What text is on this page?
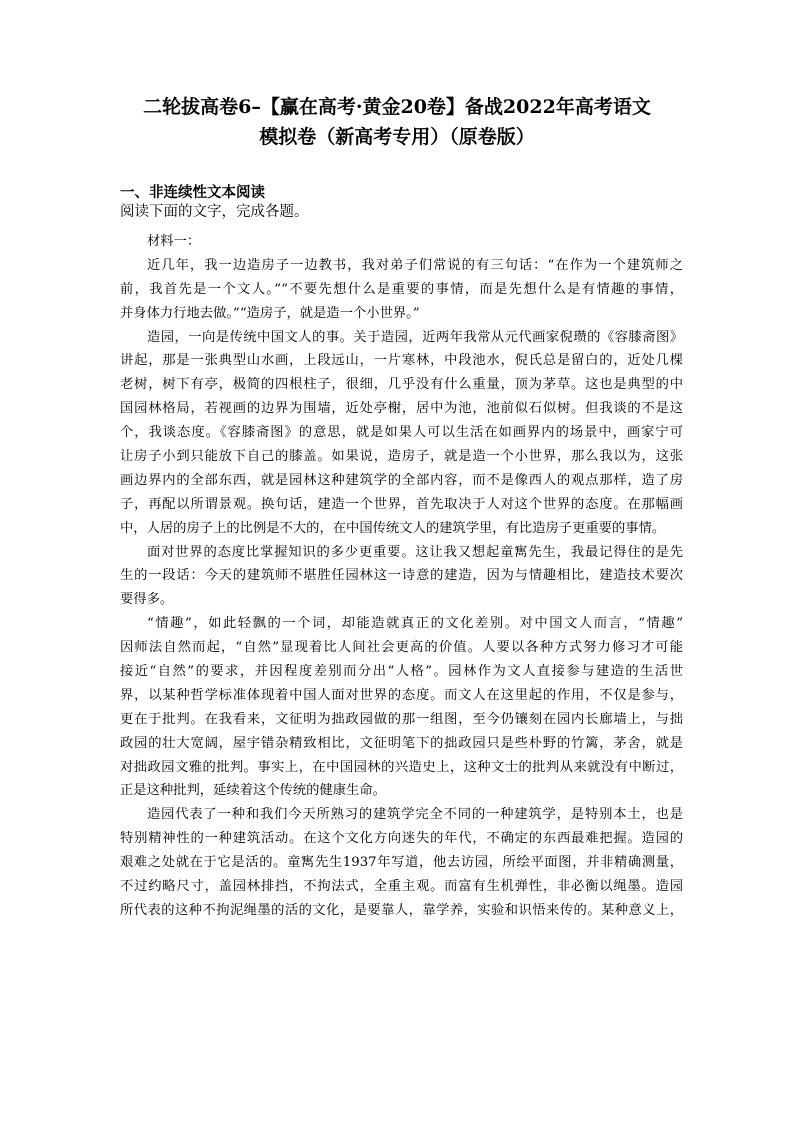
二轮拔高卷6–【赢在高考·黄金20卷】备战2022年高考语文
模拟卷（新高考专用）（原卷版）
一、非连续性文本阅读
阅读下面的文字，完成各题。
材料一：
近几年，我一边造房子一边教书，我对弟子们常说的有三句话：“在作为一个建筑师之
前，我首先是一个文人。”“不要先想什么是重要的事情，而是先想什么是有情趣的事情，
并身体力行地去做。”“造房子，就是造一个小世界。”
造园，一向是传统中国文人的事。关于造园，近两年我常从元代画家倪瓒的《容膝斋图》
讲起，那是一张典型山水画，上段远山，一片寒林，中段池水，倪氏总是留白的，近处几棵
老树，树下有亭，极简的四根柱子，很细，几乎没有什么重量，顶为茅草。这也是典型的中
国园林格局，若视画的边界为围墙，近处亭榭，居中为池，池前似石似树。但我谈的不是这
个，我谈态度。《容膝斋图》的意思，就是如果人可以生活在如画界内的场景中，画家宁可
让房子小到只能放下自己的膝盖。如果说，造房子，就是造一个小世界，那么我以为，这张
画边界内的全部东西，就是园林这种建筑学的全部内容，而不是像西人的观点那样，造了房
子，再配以所谓景观。换句话，建造一个世界，首先取决于人对这个世界的态度。在那幅画
中，人居的房子上的比例是不大的，在中国传统文人的建筑学里，有比造房子更重要的事情。
面对世界的态度比掌握知识的多少更重要。这让我又想起童寯先生，我最记得住的是先
生的一段话：今天的建筑师不堪胜任园林这一诗意的建造，因为与情趣相比，建造技术要次
要得多。
“情趣”，如此轻飘的一个词，却能造就真正的文化差别。对中国文人而言，“情趣”
因师法自然而起，“自然”显现着比人间社会更高的价值。人要以各种方式努力修习才可能
接近“自然”的要求，并因程度差别而分出“人格”。园林作为文人直接参与建造的生活世
界，以某种哲学标准体现着中国人面对世界的态度。而文人在这里起的作用，不仅是参与，
更在于批判。在我看来，文征明为拙政园做的那一组图，至今仍镶刻在园内长廊墙上，与拙
政园的壮大宽阔，屋宇错杂精致相比，文征明笔下的拙政园只是些朴野的竹篱，茅舍，就是
对拙政园文雅的批判。事实上，在中国园林的兴造史上，这种文士的批判从来就没有中断过，
正是这种批判，延续着这个传统的健康生命。
造园代表了一种和我们今天所熟习的建筑学完全不同的一种建筑学，是特别本土，也是
特别精神性的一种建筑活动。在这个文化方向迷失的年代，不确定的东西最难把握。造园的
艰难之处就在于它是活的。童寯先生1937年写道，他去访园，所绘平面图，并非精确测量，
不过约略尺寸，盖园林排挡，不拘法式，全重主观。而富有生机弹性，非必衡以绳墨。造园
所代表的这种不拘泥绳墨的活的文化，是要靠人，靠学养，实验和识悟来传的。某种意义上，
